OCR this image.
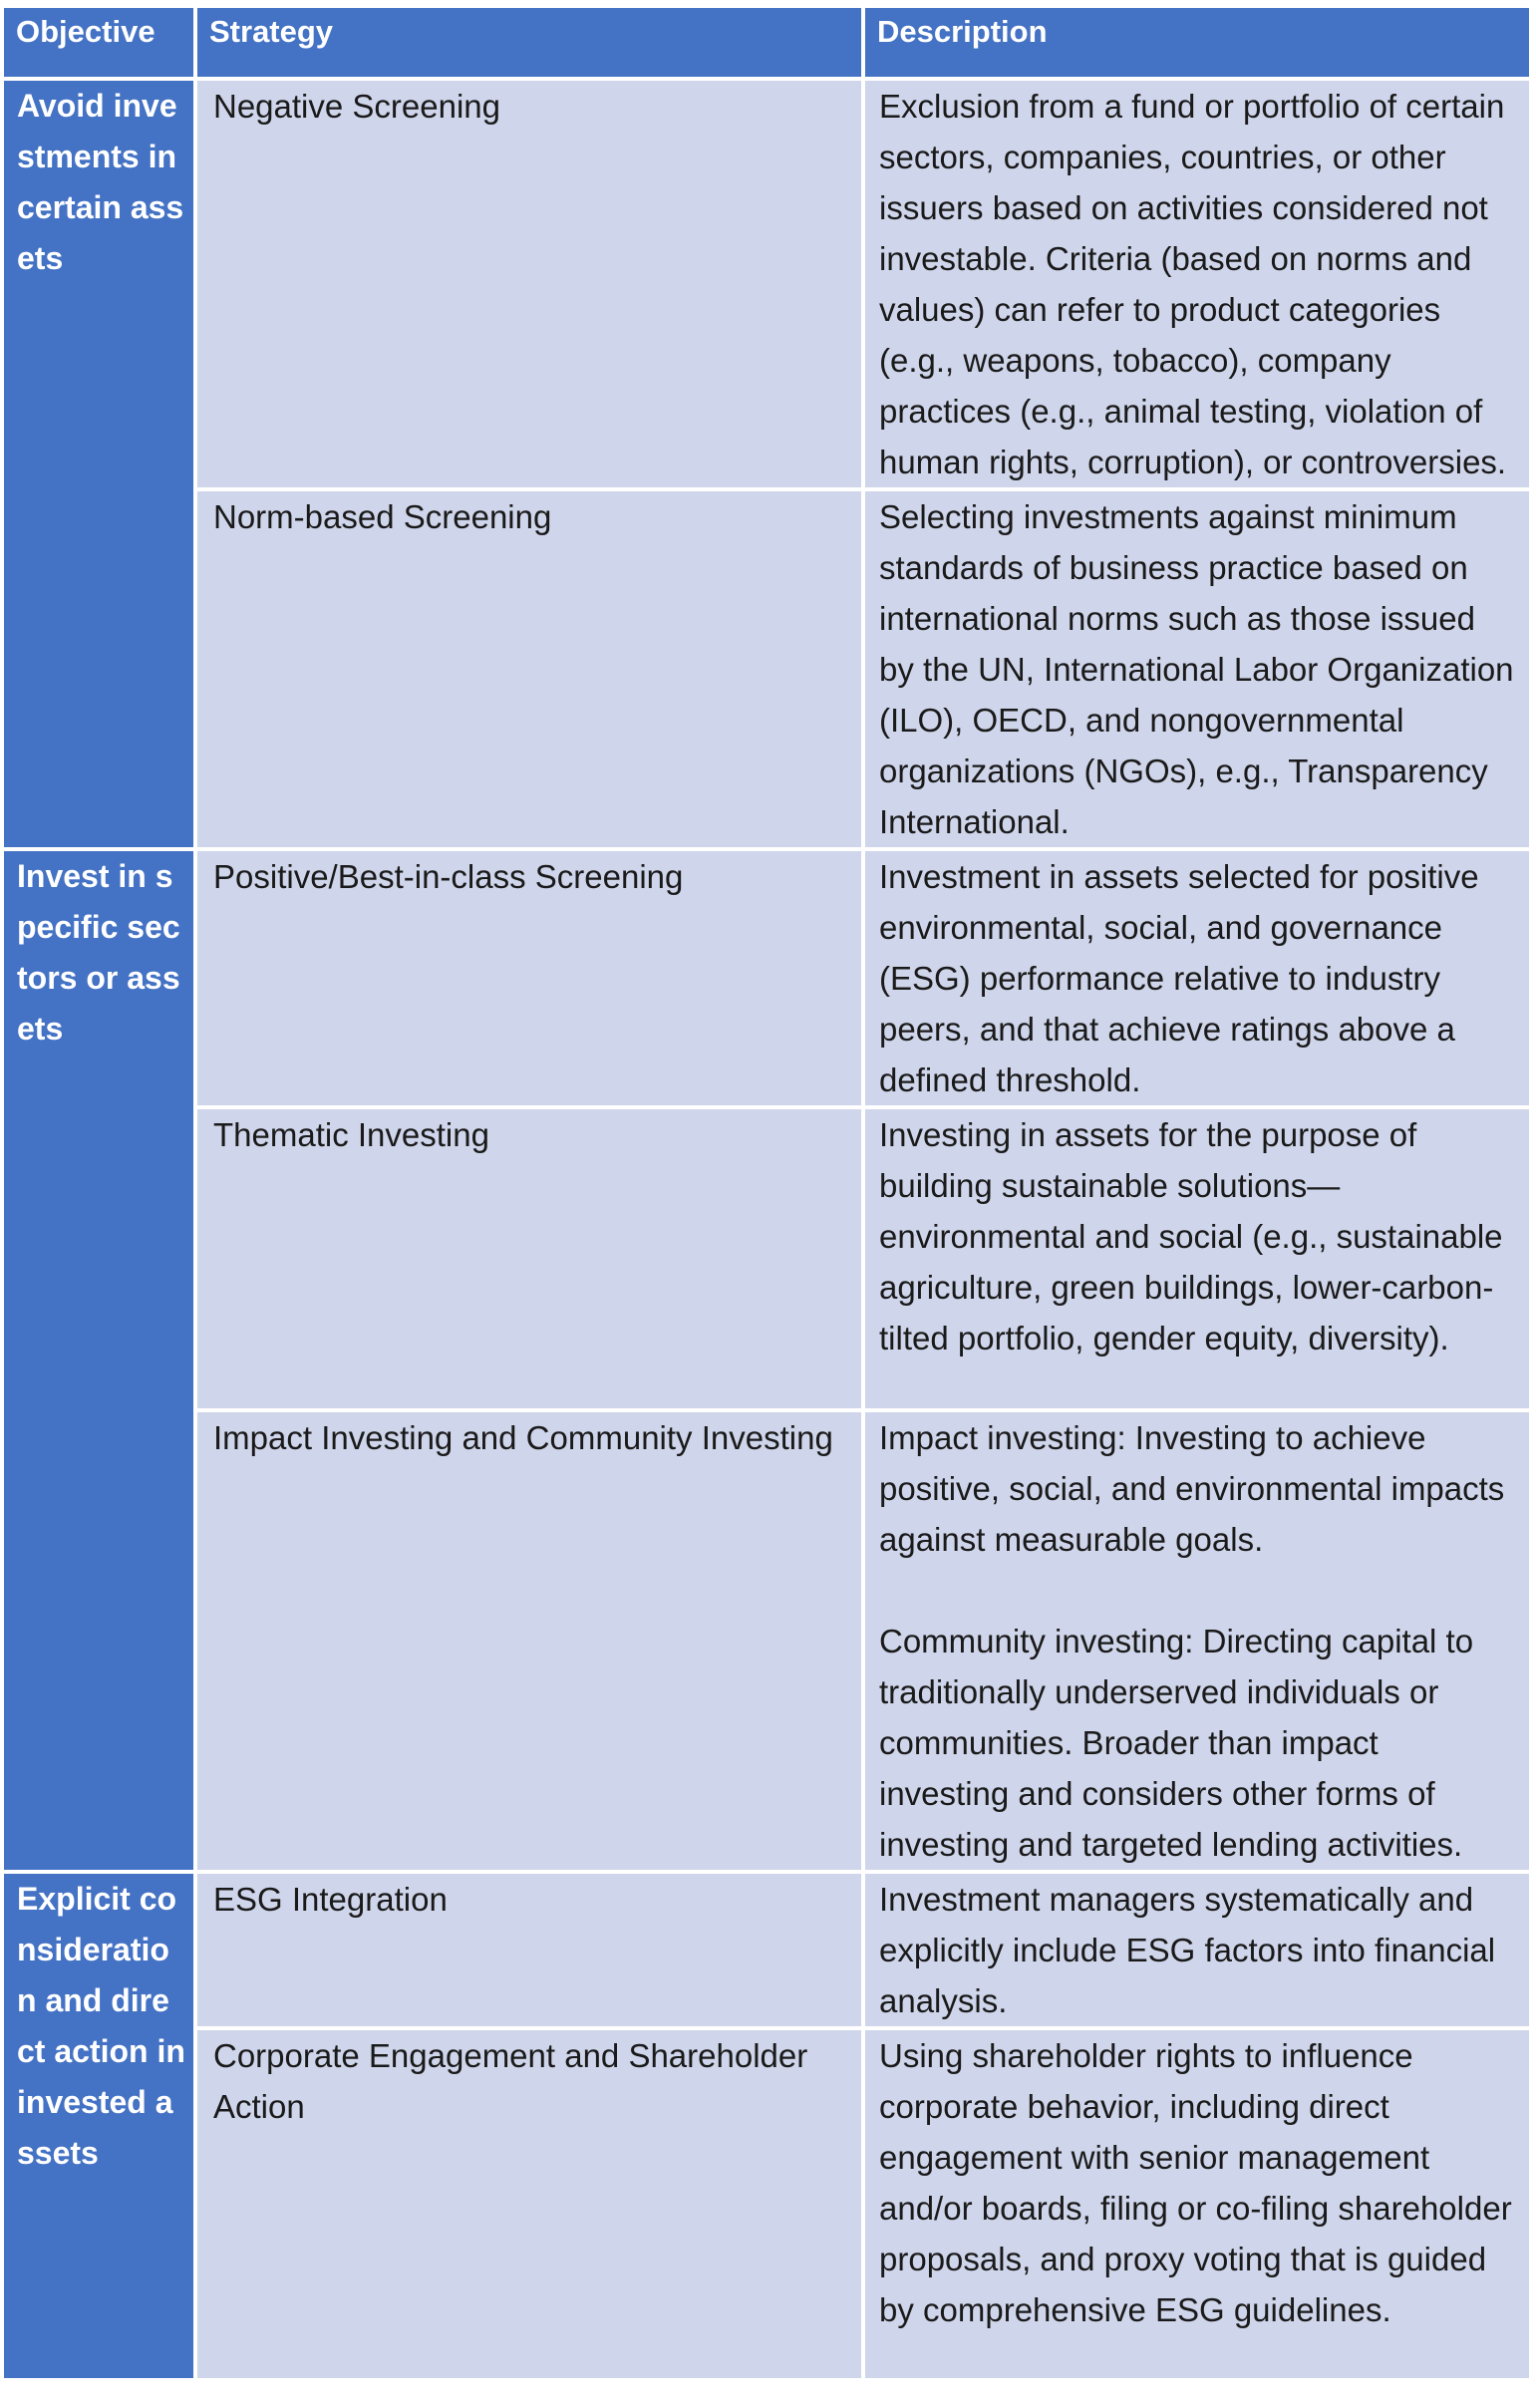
Objective	Strategy	Description
Avoid investments in certain assets	Negative Screening	Exclusion from a fund or portfolio of certain sectors, companies, countries, or other issuers based on activities considered not investable. Criteria (based on norms and values) can refer to product categories (e.g., weapons, tobacco), company practices (e.g., animal testing, violation of human rights, corruption), or controversies.
	Norm-based Screening	Selecting investments against minimum standards of business practice based on international norms such as those issued by the UN, International Labor Organization (ILO), OECD, and nongovernmental organizations (NGOs), e.g., Transparency International.
Invest in specific sectors or assets	Positive/Best-in-class Screening	Investment in assets selected for positive environmental, social, and governance (ESG) performance relative to industry peers, and that achieve ratings above a defined threshold.
	Thematic Investing	Investing in assets for the purpose of building sustainable solutions—environmental and social (e.g., sustainable agriculture, green buildings, lower-carbon-tilted portfolio, gender equity, diversity).
	Impact Investing and Community Investing	Impact investing: Investing to achieve positive, social, and environmental impacts against measurable goals.

Community investing: Directing capital to traditionally underserved individuals or communities. Broader than impact investing and considers other forms of investing and targeted lending activities.
Explicit consideration and direct action in invested assets	ESG Integration	Investment managers systematically and explicitly include ESG factors into financial analysis.
	Corporate Engagement and Shareholder Action	Using shareholder rights to influence corporate behavior, including direct engagement with senior management and/or boards, filing or co-filing shareholder proposals, and proxy voting that is guided by comprehensive ESG guidelines.
